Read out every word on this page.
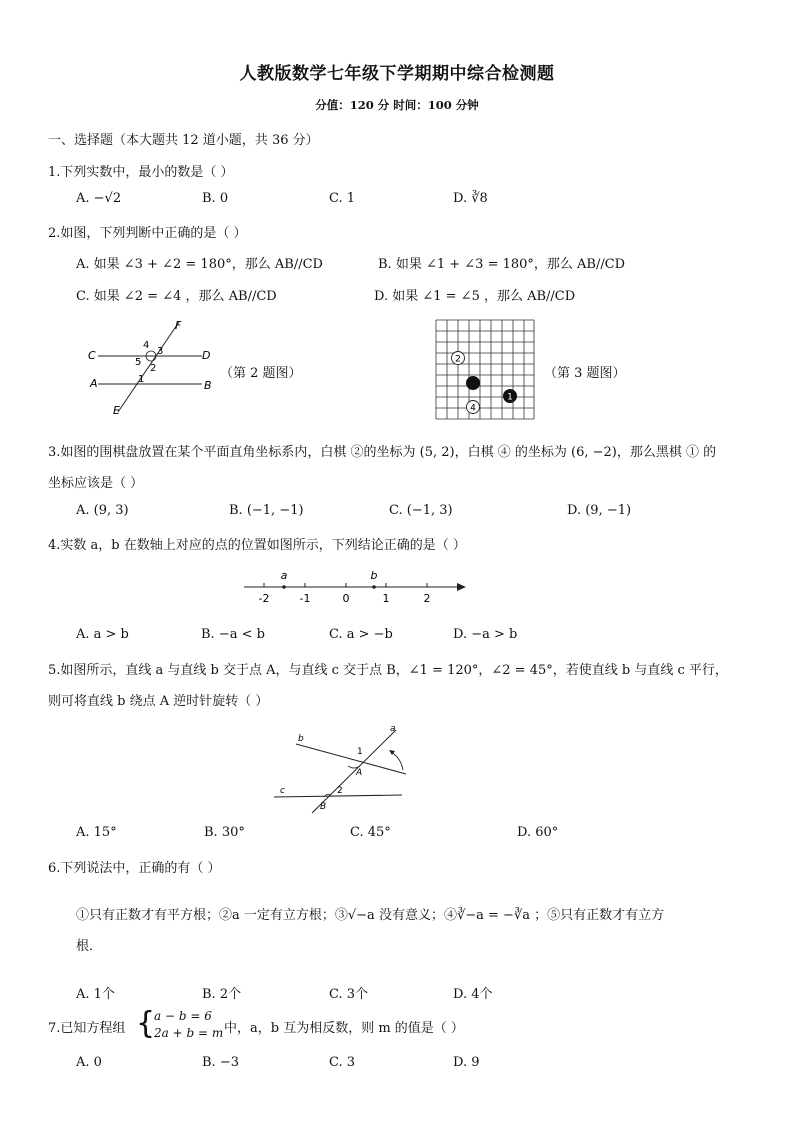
人教版数学七年级下学期期中综合检测题
分值：120 分 时间：100 分钟
一、选择题（本大题共 12 道小题，共 36 分）
1.下列实数中，最小的数是（ ）
A. −√2	B. 0	C. 1	D. ∛8
2.如图，下列判断中正确的是（ ）
A. 如果 ∠3 + ∠2 = 180°，那么 AB//CD	B. 如果 ∠1 + ∠3 = 180°，那么 AB//CD
C. 如果 ∠2 = ∠4 ，那么 AB//CD	D. 如果 ∠1 = ∠5 ，那么 AB//CD
F
C	D
A	B
E
4
3
5
2
1	（第 2 题图）
2
1
4
（第 3 题图）
3.如图的围棋盘放置在某个平面直角坐标系内，白棋 ②的坐标为 (5, 2)，白棋 ④ 的坐标为 (6, −2)，那么黑棋 ① 的
坐标应该是（ ）
A. (9, 3)	B. (−1, −1)	C. (−1, 3)	D. (9, −1)
4.实数 a，b 在数轴上对应的点的位置如图所示，下列结论正确的是（ ）
a	b
-2	-1	0	1	2
A. a > b	B. −a < b	C. a > −b	D. −a > b
5.如图所示，直线 a 与直线 b 交于点 A，与直线 c 交于点 B，∠1 = 120°，∠2 = 45°，若使直线 b 与直线 c 平行，
则可将直线 b 绕点 A 逆时针旋转（ ）
a
b
c
A
B
1
2
A. 15°	B. 30°	C. 45°	D. 60°
6.下列说法中，正确的有（ ）
①只有正数才有平方根；②a 一定有立方根；③√−a 没有意义；④∛−a = −∛a ；⑤只有正数才有立方
根．
A. 1个	B. 2个	C. 3个	D. 4个
7.已知方程组 {
a − b = 6
2a + b = m 中，a，b 互为相反数，则 m 的值是（ ）
A. 0	B. −3	C. 3	D. 9
